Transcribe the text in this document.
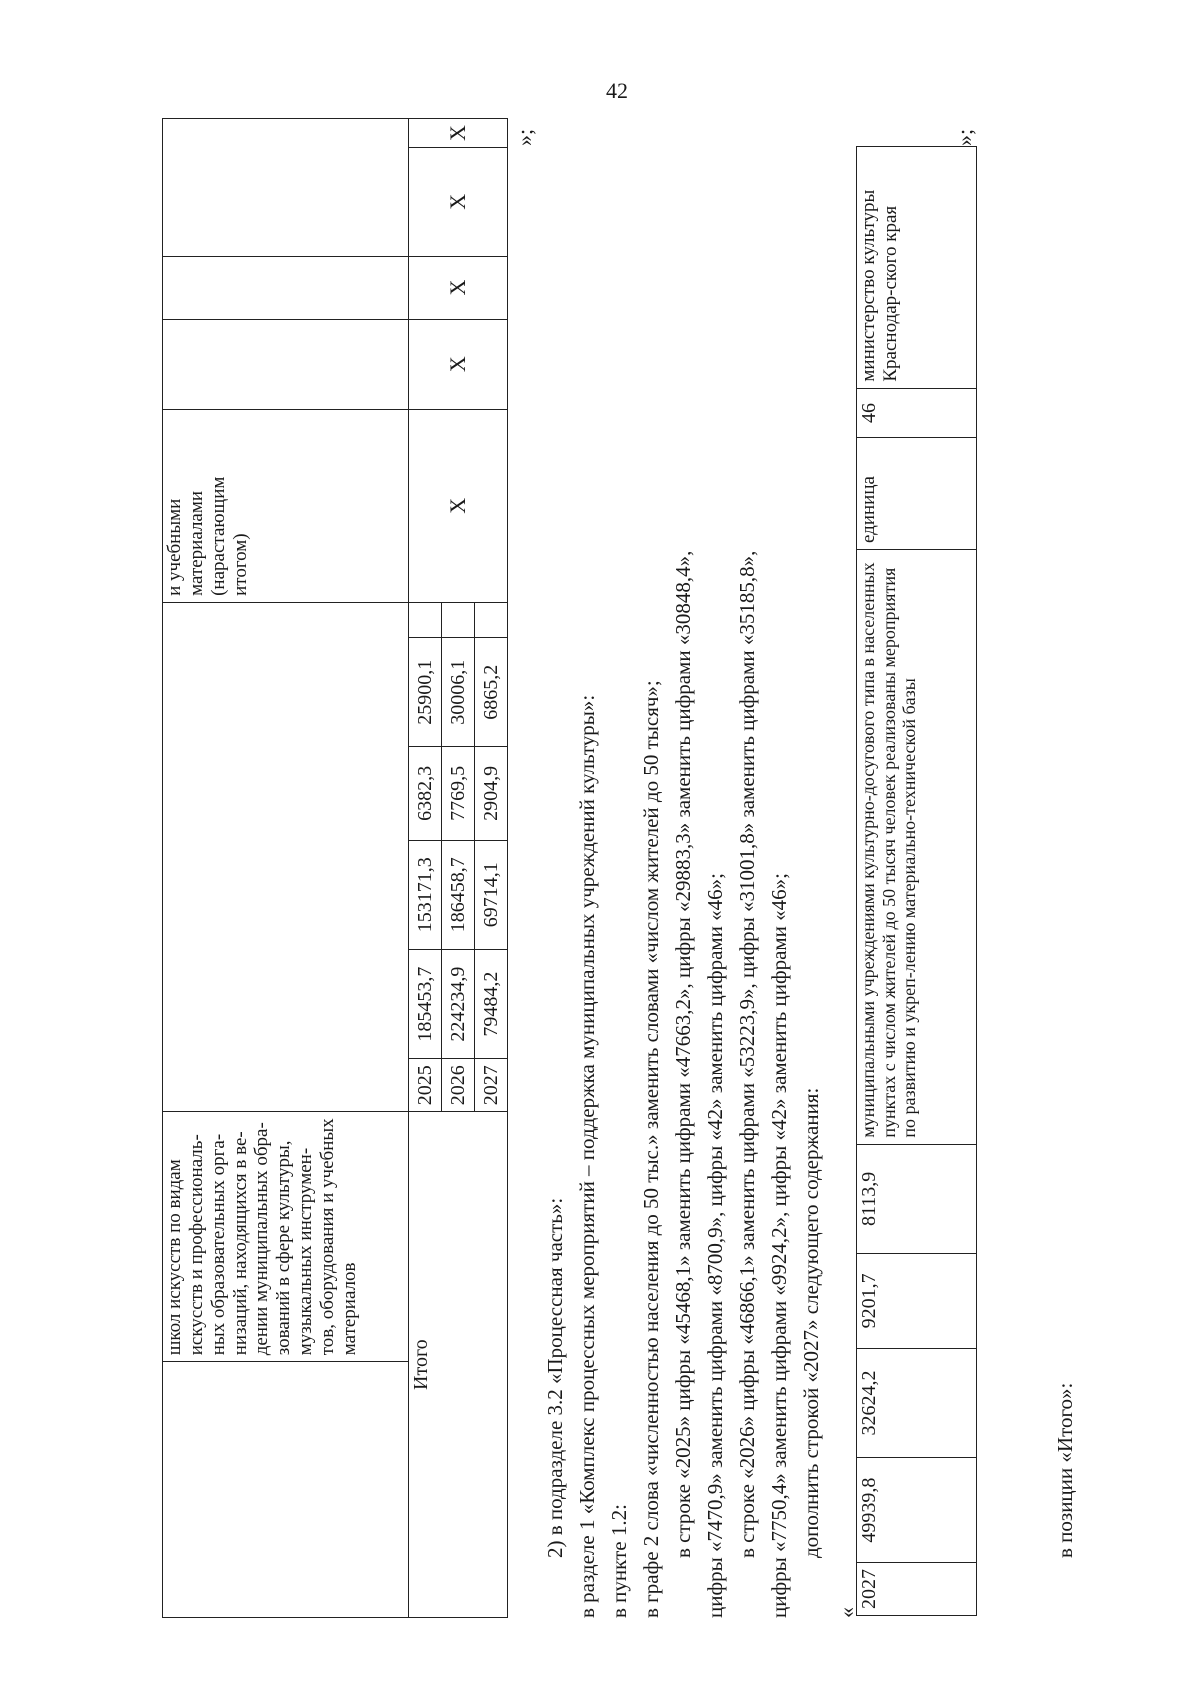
42
	школ искусств по видам искусств и профессиональ-ных образовательных орга-низаций, находящихся в ве-дении муниципальных обра-зований в сфере культуры, музыкальных инструмен-тов, оборудования и учебных материалов							и учебными материалами (нарастающим итогом)				
Итого		2025	185453,7	153171,3	6382,3	25900,1		X	X	X	X	X
		2026	224234,9	186458,7	7769,5	30006,1						
		2027	79484,2	69714,1	2904,9	6865,2						
»;
2) в подразделе 3.2 «Процессная часть»: в разделе 1 «Комплекс процессных мероприятий – поддержка муниципальных учреждений культуры»: в пункте 1.2: в графе 2 слова «численностью населения до 50 тыс.» заменить словами «числом жителей до 50 тысяч»; в строке «2025» цифры «45468,1» заменить цифрами «47663,2», цифры «29883,3» заменить цифрами «30848,4», цифры «7470,9» заменить цифрами «8700,9», цифры «42» заменить цифрами «46»; в строке «2026» цифры «46866,1» заменить цифрами «53223,9», цифры «31001,8» заменить цифрами «35185,8», цифры «7750,4» заменить цифрами «9924,2», цифры «42» заменить цифрами «46»; дополнить строкой «2027» следующего содержания:
«
2027	49939,8	32624,2	9201,7	8113,9	муниципальными учреждениями культурно-досугового типа в населенных пунктах с числом жителей до 50 тысяч человек реализованы мероприятия по развитию и укреп-лению материально-технической базы	единица	46	министерство культуры Краснодар-ского края
»;
в позиции «Итого»:
